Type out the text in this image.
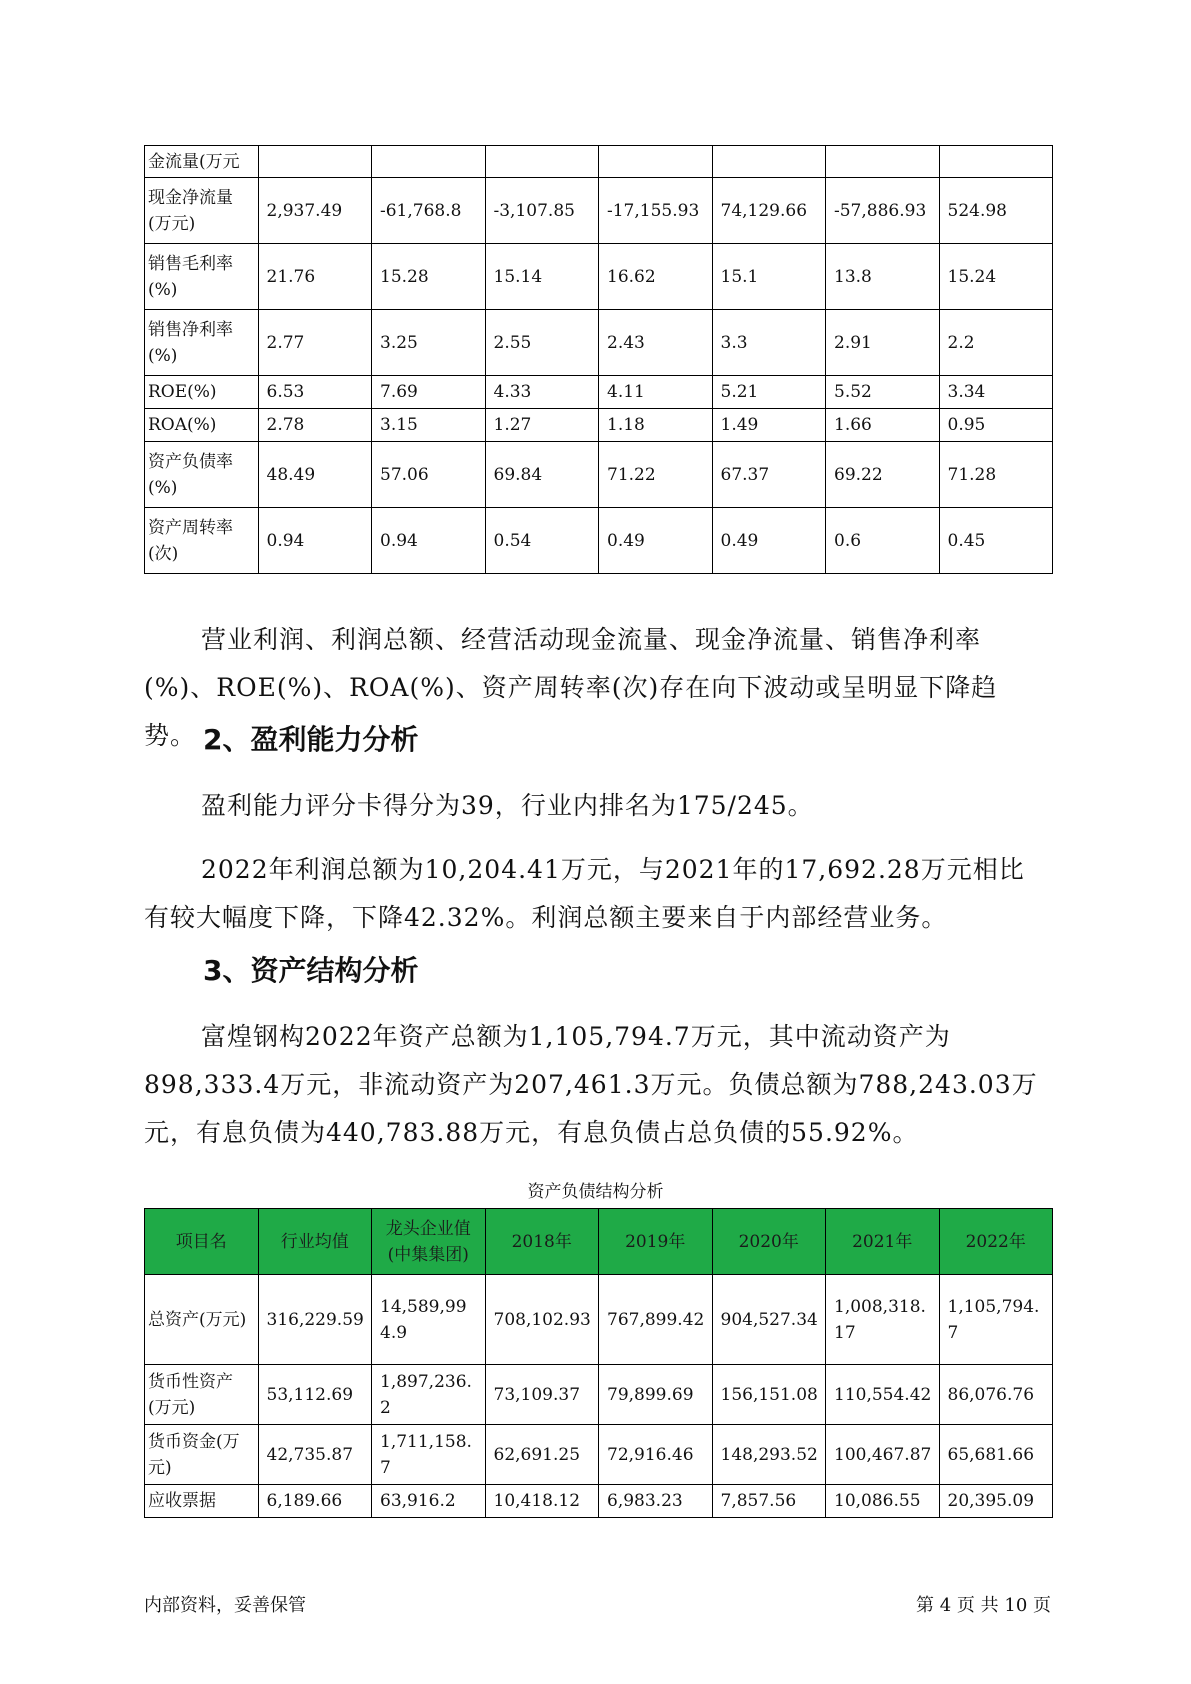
金流量(万元							
现金净流量(万元)	2,937.49	-61,768.8	-3,107.85	-17,155.93	74,129.66	-57,886.93	524.98
销售毛利率(%)	21.76	15.28	15.14	16.62	15.1	13.8	15.24
销售净利率(%)	2.77	3.25	2.55	2.43	3.3	2.91	2.2
ROE(%)	6.53	7.69	4.33	4.11	5.21	5.52	3.34
ROA(%)	2.78	3.15	1.27	1.18	1.49	1.66	0.95
资产负债率(%)	48.49	57.06	69.84	71.22	67.37	69.22	71.28
资产周转率(次)	0.94	0.94	0.54	0.49	0.49	0.6	0.45
营业利润、利润总额、经营活动现金流量、现金净流量、销售净利率(%)、ROE(%)、ROA(%)、资产周转率(次)存在向下波动或呈明显下降趋势。 2、盈利能力分析
盈利能力评分卡得分为39，行业内排名为175/245。
2022年利润总额为10,204.41万元，与2021年的17,692.28万元相比有较大幅度下降，下降42.32%。利润总额主要来自于内部经营业务。
3、资产结构分析
富煌钢构2022年资产总额为1,105,794.7万元，其中流动资产为898,333.4万元，非流动资产为207,461.3万元。负债总额为788,243.03万元，有息负债为440,783.88万元，有息负债占总负债的55.92%。
资产负债结构分析
项目名	行业均值	龙头企业值(中集集团)	2018年	2019年	2020年	2021年	2022年
总资产(万元)	316,229.59	14,589,994.9	708,102.93	767,899.42	904,527.34	1,008,318.17	1,105,794.7
货币性资产(万元)	53,112.69	1,897,236.2	73,109.37	79,899.69	156,151.08	110,554.42	86,076.76
货币资金(万元)	42,735.87	1,711,158.7	62,691.25	72,916.46	148,293.52	100,467.87	65,681.66
应收票据	6,189.66	63,916.2	10,418.12	6,983.23	7,857.56	10,086.55	20,395.09
内部资料，妥善保管	第 4 页 共 10 页
